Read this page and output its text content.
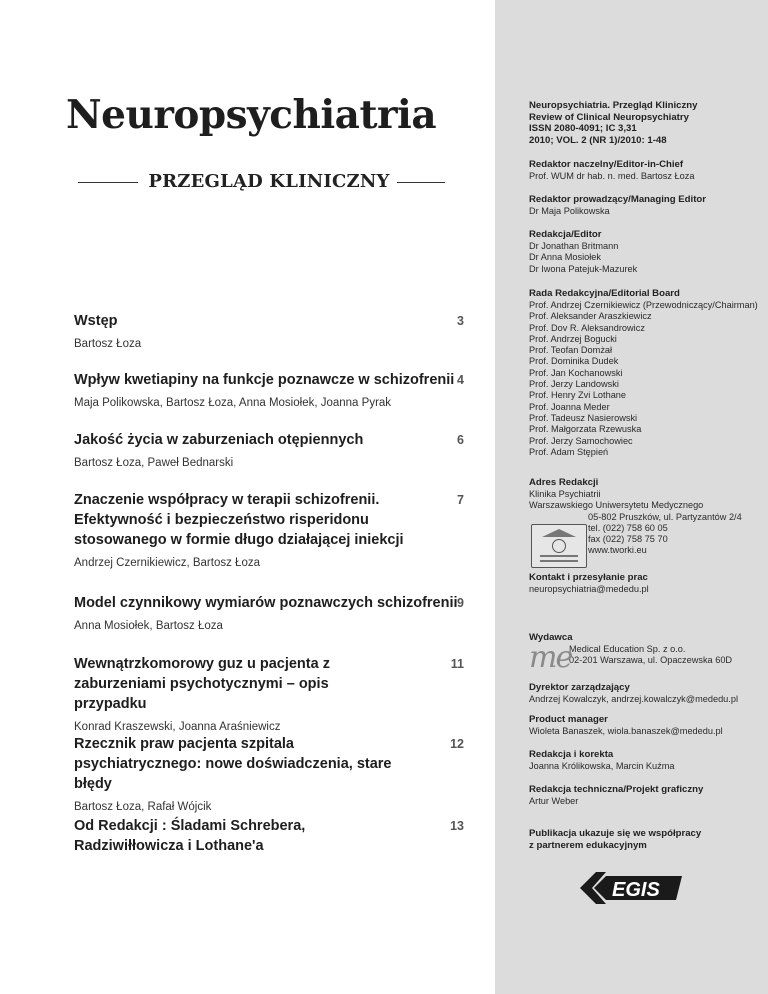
Neuropsychiatria
PRZEGLĄD KLINICZNY
Wstęp
Bartosz Łoza
3
Wpływ kwetiapiny na funkcje poznawcze w schizofrenii
Maja Polikowska, Bartosz Łoza, Anna Mosiołek, Joanna Pyrak
4
Jakość życia w zaburzeniach otępiennych
Bartosz Łoza, Paweł Bednarski
6
Znaczenie współpracy w terapii schizofrenii. Efektywność i bezpieczeństwo risperidonu stosowanego w formie długo działającej iniekcji
Andrzej Czernikiewicz, Bartosz Łoza
7
Model czynnikowy wymiarów poznawczych schizofrenii
Anna Mosiołek, Bartosz Łoza
9
Wewnątrzkomorowy guz u pacjenta z zaburzeniami psychotycznymi – opis przypadku
Konrad Kraszewski, Joanna Araśniewicz
11
Rzecznik praw pacjenta szpitala psychiatrycznego: nowe doświadczenia, stare błędy
Bartosz Łoza, Rafał Wójcik
12
Od Redakcji : Śladami Schrebera, Radziwiłłowicza i Lothane'a
13
Neuropsychiatria. Przegląd Kliniczny
Review of Clinical Neuropsychiatry
ISSN 2080-4091; IC 3,31
2010; VOL. 2 (NR 1)/2010: 1-48
Redaktor naczelny/Editor-in-Chief
Prof. WUM dr hab. n. med. Bartosz Łoza
Redaktor prowadzący/Managing Editor
Dr Maja Polikowska
Redakcja/Editor
Dr Jonathan Britmann
Dr Anna Mosiołek
Dr Iwona Patejuk-Mazurek
Rada Redakcyjna/Editorial Board
Prof. Andrzej Czernikiewicz (Przewodniczący/Chairman)
Prof. Aleksander Araszkiewicz
Prof. Dov R. Aleksandrowicz
Prof. Andrzej Bogucki
Prof. Teofan Domżał
Prof. Dominika Dudek
Prof. Jan Kochanowski
Prof. Jerzy Landowski
Prof. Henry Zvi Lothane
Prof. Joanna Meder
Prof. Tadeusz Nasierowski
Prof. Małgorzata Rzewuska
Prof. Jerzy Samochowiec
Prof. Adam Stępień
Adres Redakcji
Klinika Psychiatrii
Warszawskiego Uniwersytetu Medycznego
05-802 Pruszków, ul. Partyzantów 2/4
tel. (022) 758 60 05
fax (022) 758 75 70
www.tworki.eu
Kontakt i przesyłanie prac
neuropsychiatria@mededu.pl
Wydawca
Medical Education Sp. z o.o.
02-201 Warszawa, ul. Opaczewska 60D
me
Dyrektor zarządzający
Andrzej Kowalczyk, andrzej.kowalczyk@mededu.pl
Product manager
Wioleta Banaszek, wiola.banaszek@mededu.pl
Redakcja i korekta
Joanna Królikowska, Marcin Kuźma
Redakcja techniczna/Projekt graficzny
Artur Weber
Publikacja ukazuje się we współpracy
z partnerem edukacyjnym
EGIS
